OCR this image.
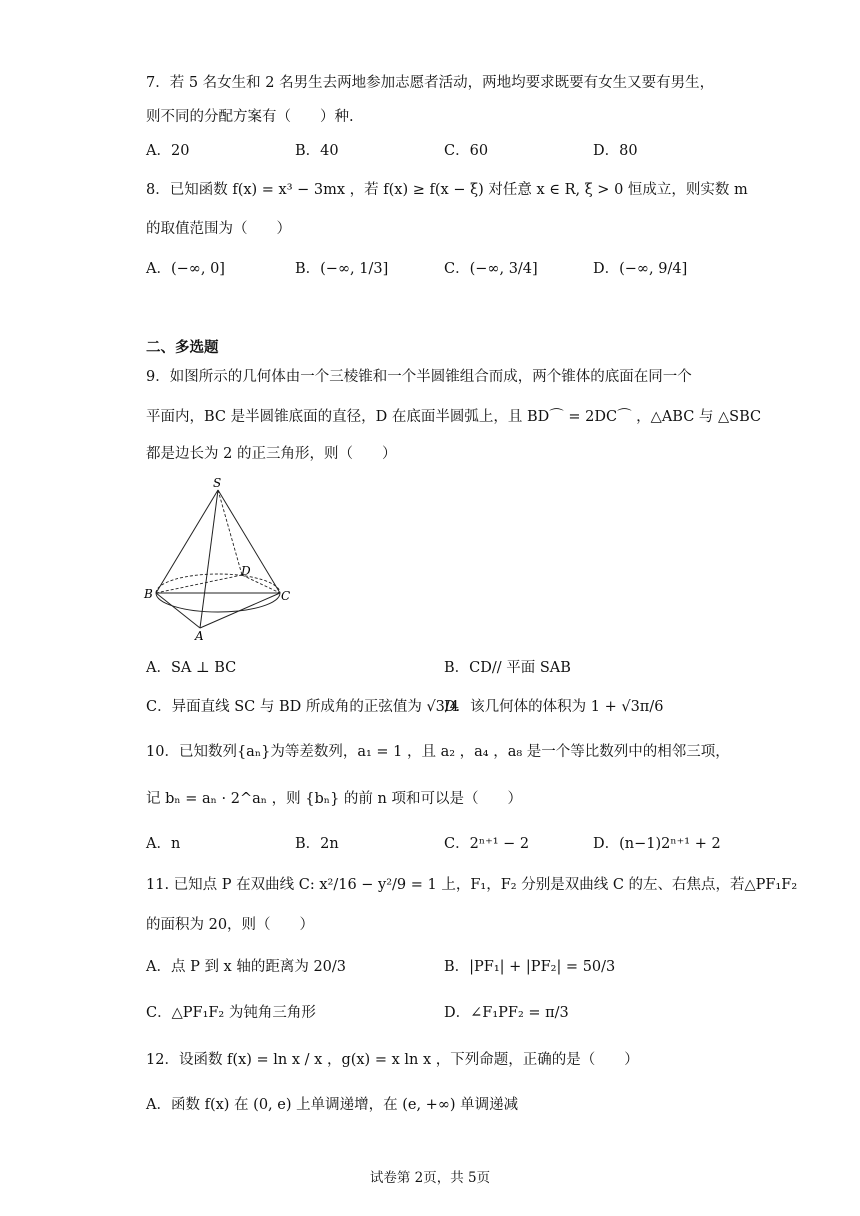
7．若 5 名女生和 2 名男生去两地参加志愿者活动，两地均要求既要有女生又要有男生，
则不同的分配方案有（　　）种.
A．20	B．40	C．60	D．80
8．已知函数 f(x) = x³ − 3mx ，若 f(x) ≥ f(x − ξ) 对任意 x ∈ R, ξ > 0 恒成立，则实数 m
的取值范围为（　　）
A．(−∞, 0]	B．(−∞, 1/3]	C．(−∞, 3/4]	D．(−∞, 9/4]
二、多选题
9．如图所示的几何体由一个三棱锥和一个半圆锥组合而成，两个锥体的底面在同一个
平面内，BC 是半圆锥底面的直径，D 在底面半圆弧上，且 BD⌒ = 2DC⌒ ，△ABC 与 △SBC
都是边长为 2 的正三角形，则（　　）
S
B	C
D
A
A．SA ⊥ BC	B．CD// 平面 SAB
C．异面直线 SC 与 BD 所成角的正弦值为 √3/4
D．该几何体的体积为 1 + √3π/6
10．已知数列{aₙ}为等差数列，a₁ = 1 ，且 a₂ ，a₄ ，a₈ 是一个等比数列中的相邻三项，
记 bₙ = aₙ · 2^aₙ ，则 {bₙ} 的前 n 项和可以是（　　）
A．n	B．2n	C．2ⁿ⁺¹ − 2	D．(n−1)2ⁿ⁺¹ + 2
11. 已知点 P 在双曲线 C: x²/16 − y²/9 = 1 上，F₁，F₂ 分别是双曲线 C 的左、右焦点，若△PF₁F₂
的面积为 20，则（　　）
A．点 P 到 x 轴的距离为 20/3	B．|PF₁| + |PF₂| = 50/3
C．△PF₁F₂ 为钝角三角形	D．∠F₁PF₂ = π/3
12．设函数 f(x) = ln x / x ，g(x) = x ln x ，下列命题，正确的是（　　）
A．函数 f(x) 在 (0, e) 上单调递增，在 (e, +∞) 单调递减
试卷第 2页，共 5页
